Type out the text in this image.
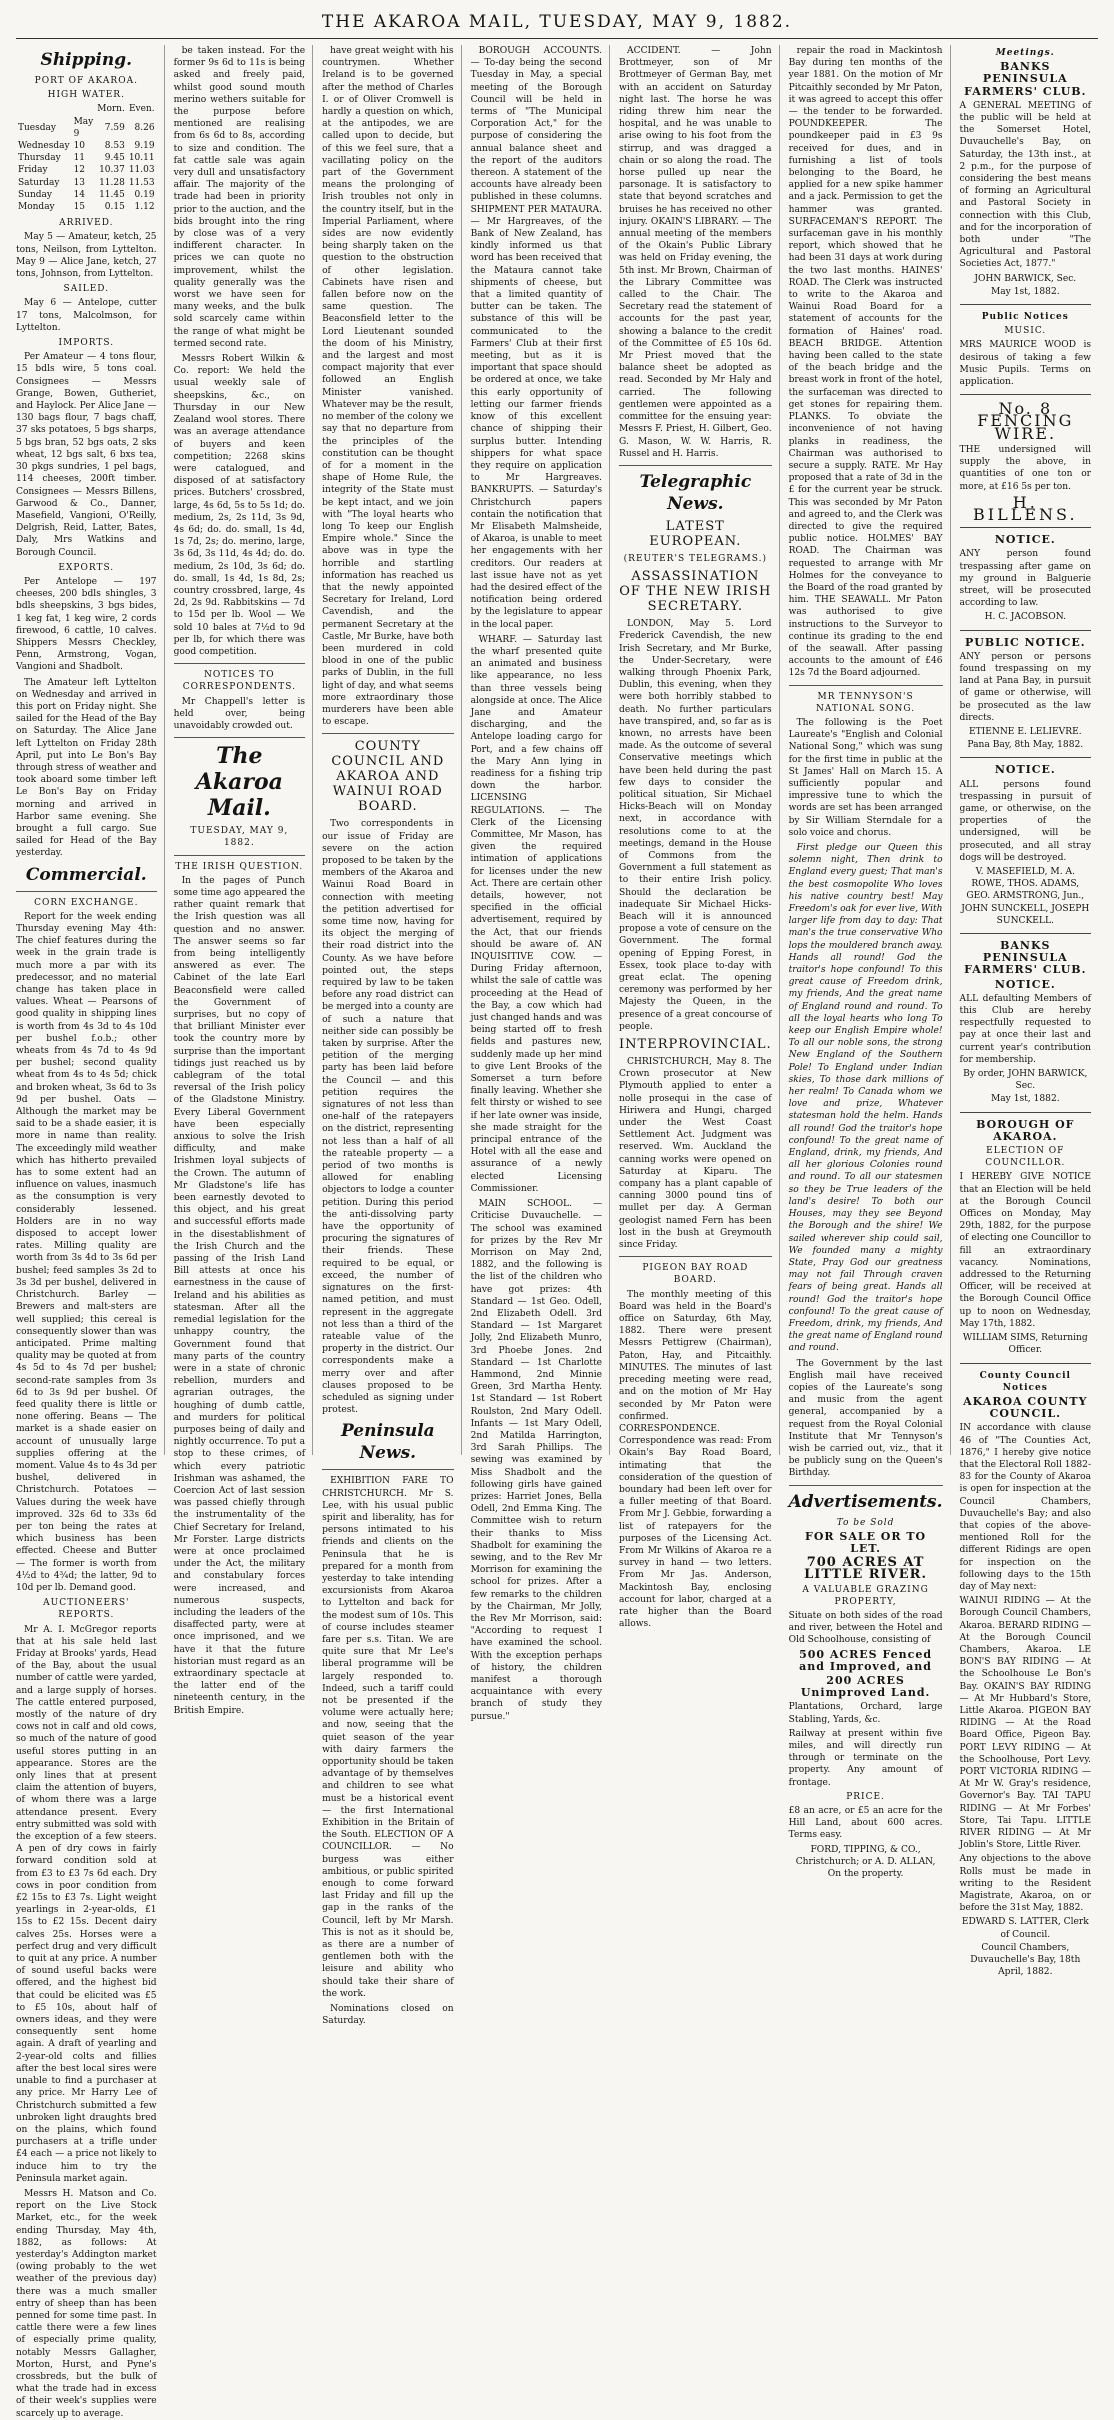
THE AKAROA MAIL, TUESDAY, MAY 9, 1882.
Shipping.
PORT OF AKAROA.
HIGH WATER.
		Morn.	Even.
Tuesday	May 9	7.59	8.26
Wednesday	10	8.53	9.19
Thursday	11	9.45	10.11
Friday	12	10.37	11.03
Saturday	13	11.28	11.53
Sunday	14	11.45	0.19
Monday	15	0.15	1.12
ARRIVED.

May 5 — Amateur, ketch, 25 tons, Neilson, from Lyttelton. May 9 — Alice Jane, ketch, 27 tons, Johnson, from Lyttelton.

SAILED.

May 6 — Antelope, cutter 17 tons, Malcolmson, for Lyttelton.

IMPORTS.

Per Amateur — 4 tons flour, 15 bdls wire, 5 tons coal. Consignees — Messrs Grange, Bowen, Gutheriet, and Haylock. Per Alice Jane — 130 bags flour, 7 bags chaff, 37 sks potatoes, 5 bgs sharps, 5 bgs bran, 52 bgs oats, 2 sks wheat, 12 bgs salt, 6 bxs tea, 30 pkgs sundries, 1 pel bags, 114 cheeses, 200ft timber. Consignees — Messrs Billens, Garwood & Co., Danner, Masefield, Vangioni, O'Reilly, Delgrish, Reid, Latter, Bates, Daly, Mrs Watkins and Borough Council.

EXPORTS.

Per Antelope — 197 cheeses, 200 bdls shingles, 3 bdls sheepskins, 3 bgs bides, 1 keg fat, 1 keg wire, 2 cords firewood, 6 cattle, 10 calves. Shippers Messrs Checkley, Penn, Armstrong, Vogan, Vangioni and Shadbolt.

The Amateur left Lyttelton on Wednesday and arrived in this port on Friday night. She sailed for the Head of the Bay on Saturday. The Alice Jane left Lyttelton on Friday 28th April, put into Le Bon's Bay through stress of weather and took aboard some timber left Le Bon's Bay on Friday morning and arrived in Harbor same evening. She brought a full cargo. Sue sailed for Head of the Bay yesterday.

Commercial.
CORN EXCHANGE.

Report for the week ending Thursday evening May 4th: The chief features during the week in the grain trade is much more a par with its predecessor, and no material change has taken place in values. Wheat — Pearsons of good quality in shipping lines is worth from 4s 3d to 4s 10d per bushel f.o.b.; other wheats from 4s 7d to 4s 9d per bushel; second quality wheat from 4s to 4s 5d; chick and broken wheat, 3s 6d to 3s 9d per bushel. Oats — Although the market may be said to be a shade easier, it is more in name than reality. The exceedingly mild weather which has hitherto prevailed has to some extent had an influence on values, inasmuch as the consumption is very considerably lessened. Holders are in no way disposed to accept lower rates. Milling quality are worth from 3s 4d to 3s 6d per bushel; feed samples 3s 2d to 3s 3d per bushel, delivered in Christchurch. Barley — Brewers and malt-sters are well supplied; this cereal is consequently slower than was anticipated. Prime malting quality may be quoted at from 4s 5d to 4s 7d per bushel; second-rate samples from 3s 6d to 3s 9d per bushel. Of feed quality there is little or none offering. Beans — The market is a shade easier on account of unusually large supplies offering at the moment. Value 4s to 4s 3d per bushel, delivered in Christchurch. Potatoes — Values during the week have improved. 32s 6d to 33s 6d per ton being the rates at which business has been effected. Cheese and Butter — The former is worth from 4½d to 4¾d; the latter, 9d to 10d per lb. Demand good.

AUCTIONEERS' REPORTS.

Mr A. I. McGregor reports that at his sale held last Friday at Brooks' yards, Head of the Bay, about the usual number of cattle were yarded, and a large supply of horses. The cattle entered purposed, mostly of the nature of dry cows not in calf and old cows, so much of the nature of good useful stores putting in an appearance. Stores are the only lines that at present claim the attention of buyers, of whom there was a large attendance present. Every entry submitted was sold with the exception of a few steers. A pen of dry cows in fairly forward condition sold at from £3 to £3 7s 6d each. Dry cows in poor condition from £2 15s to £3 7s. Light weight yearlings in 2-year-olds, £1 15s to £2 15s. Decent dairy calves 25s. Horses were a perfect drug and very difficult to quit at any price. A number of sound useful backs were offered, and the highest bid that could be elicited was £5 to £5 10s, about half of owners ideas, and they were consequently sent home again. A draft of yearling and 2-year-old colts and fillies after the best local sires were unable to find a purchaser at any price. Mr Harry Lee of Christchurch submitted a few unbroken light draughts bred on the plains, which found purchasers at a trifle under £4 each — a price not likely to induce him to try the Peninsula market again.

Messrs H. Matson and Co. report on the Live Stock Market, etc., for the week ending Thursday, May 4th, 1882, as follows: At yesterday's Addington market (owing probably to the wet weather of the previous day) there was a much smaller entry of sheep than has been penned for some time past. In cattle there were a few lines of especially prime quality, notably Messrs Gallagher, Morton, Hurst, and Pyne's crossbreds, but the bulk of what the trade had in excess of their week's supplies were scarcely up to average.

be taken instead. For the former 9s 6d to 11s is being asked and freely paid, whilst good sound mouth merino wethers suitable for the purpose before mentioned are realising from 6s 6d to 8s, according to size and condition. The fat cattle sale was again very dull and unsatisfactory affair. The majority of the trade had been in priority prior to the auction, and the bids brought into the ring by close was of a very indifferent character. In prices we can quote no improvement, whilst the quality generally was the worst we have seen for many weeks, and the bulk sold scarcely came within the range of what might be termed second rate.

Messrs Robert Wilkin & Co. report: We held the usual weekly sale of sheepskins, &c., on Thursday in our New Zealand wool stores. There was an average attendance of buyers and keen competition; 2268 skins were catalogued, and disposed of at satisfactory prices. Butchers' crossbred, large, 4s 6d, 5s to 5s 1d; do. medium, 2s, 2s 11d, 3s 9d, 4s 6d; do. do. small, 1s 4d, 1s 7d, 2s; do. merino, large, 3s 6d, 3s 11d, 4s 4d; do. do. medium, 2s 10d, 3s 6d; do. do. small, 1s 4d, 1s 8d, 2s; country crossbred, large, 4s 2d, 2s 9d. Rabbitskins — 7d to 15d per lb. Wool — We sold 10 bales at 7½d to 9d per lb, for which there was good competition.

NOTICES TO CORRESPONDENTS.

Mr Chappell's letter is held over, being unavoidably crowded out.

The Akaroa Mail.
TUESDAY, MAY 9, 1882.
THE IRISH QUESTION.

In the pages of Punch some time ago appeared the rather quaint remark that the Irish question was all question and no answer. The answer seems so far from being intelligently answered as ever. The Cabinet of the late Earl Beaconsfield were called the Government of surprises, but no copy of that brilliant Minister ever took the country more by surprise than the important tidings just reached us by cablegram of the total reversal of the Irish policy of the Gladstone Ministry. Every Liberal Government have been especially anxious to solve the Irish difficulty, and make Irishmen loyal subjects of the Crown. The autumn of Mr Gladstone's life has been earnestly devoted to this object, and his great and successful efforts made in the disestablishment of the Irish Church and the passing of the Irish Land Bill attests at once his earnestness in the cause of Ireland and his abilities as statesman. After all the remedial legislation for the unhappy country, the Government found that many parts of the country were in a state of chronic rebellion, murders and agrarian outrages, the houghing of dumb cattle, and murders for political purposes being of daily and nightly occurrence. To put a stop to these crimes, of which every patriotic Irishman was ashamed, the Coercion Act of last session was passed chiefly through the instrumentality of the Chief Secretary for Ireland, Mr Forster. Large districts were at once proclaimed under the Act, the military and constabulary forces were increased, and numerous suspects, including the leaders of the disaffected party, were at once imprisoned, and we have it that the future historian must regard as an extraordinary spectacle at the latter end of the nineteenth century, in the British Empire.

have great weight with his countrymen. Whether Ireland is to be governed after the method of Charles I. or of Oliver Cromwell is hardly a question on which, at the antipodes, we are called upon to decide, but of this we feel sure, that a vacillating policy on the part of the Government means the prolonging of Irish troubles not only in the country itself, but in the Imperial Parliament, where sides are now evidently being sharply taken on the question to the obstruction of other legislation. Cabinets have risen and fallen before now on the same question. The Beaconsfield letter to the Lord Lieutenant sounded the doom of his Ministry, and the largest and most compact majority that ever followed an English Minister vanished. Whatever may be the result, no member of the colony we say that no departure from the principles of the constitution can be thought of for a moment in the shape of Home Rule, the integrity of the State must be kept intact, and we join with "The loyal hearts who long To keep our English Empire whole." Since the above was in type the horrible and startling information has reached us that the newly appointed Secretary for Ireland, Lord Cavendish, and the permanent Secretary at the Castle, Mr Burke, have both been murdered in cold blood in one of the public parks of Dublin, in the full light of day, and what seems more extraordinary those murderers have been able to escape.

COUNTY COUNCIL AND AKAROA AND WAINUI ROAD BOARD.

Two correspondents in our issue of Friday are severe on the action proposed to be taken by the members of the Akaroa and Wainui Road Board in connection with meeting the petition advertised for some time now, having for its object the merging of their road district into the County. As we have before pointed out, the steps required by law to be taken before any road district can be merged into a county are of such a nature that neither side can possibly be taken by surprise. After the petition of the merging party has been laid before the Council — and this petition requires the signatures of not less than one-half of the ratepayers on the district, representing not less than a half of all the rateable property — a period of two months is allowed for enabling objectors to lodge a counter petition. During this period the anti-dissolving party have the opportunity of procuring the signatures of their friends. These required to be equal, or exceed, the number of signatures on the first-named petition, and must represent in the aggregate not less than a third of the rateable value of the property in the district. Our correspondents make a merry over and after clauses proposed to be scheduled as signing under protest.

Peninsula News.

EXHIBITION FARE TO CHRISTCHURCH. Mr S. Lee, with his usual public spirit and liberality, has for persons intimated to his friends and clients on the Peninsula that he is prepared for a month from yesterday to take intending excursionists from Akaroa to Lyttelton and back for the modest sum of 10s. This of course includes steamer fare per s.s. Titan. We are quite sure that Mr Lee's liberal programme will be largely responded to. Indeed, such a tariff could not be presented if the volume were actually here; and now, seeing that the quiet season of the year with dairy farmers the opportunity should be taken advantage of by themselves and children to see what must be a historical event — the first International Exhibition in the Britain of the South. ELECTION OF A COUNCILLOR. — No burgess was either ambitious, or public spirited enough to come forward last Friday and fill up the gap in the ranks of the Council, left by Mr Marsh. This is not as it should be, as there are a number of gentlemen both with the leisure and ability who should take their share of the work.

Nominations closed on Saturday.

BOROUGH ACCOUNTS. — To-day being the second Tuesday in May, a special meeting of the Borough Council will be held in terms of "The Municipal Corporation Act," for the purpose of considering the annual balance sheet and the report of the auditors thereon. A statement of the accounts have already been published in these columns. SHIPMENT PER MATAURA. — Mr Hargreaves, of the Bank of New Zealand, has kindly informed us that word has been received that the Mataura cannot take shipments of cheese, but that a limited quantity of butter can be taken. The substance of this will be communicated to the Farmers' Club at their first meeting, but as it is important that space should be ordered at once, we take this early opportunity of letting our farmer friends know of this excellent chance of shipping their surplus butter. Intending shippers for what space they require on application to Mr Hargreaves. BANKRUPTS. — Saturday's Christchurch papers contain the notification that Mr Elisabeth Malmsheide, of Akaroa, is unable to meet her engagements with her creditors. Our readers at last issue have not as yet had the desired effect of the notification being ordered by the legislature to appear in the local paper.

WHARF. — Saturday last the wharf presented quite an animated and business like appearance, no less than three vessels being alongside at once. The Alice Jane and Amateur discharging, and the Antelope loading cargo for Port, and a few chains off the Mary Ann lying in readiness for a fishing trip down the harbor. LICENSING REGULATIONS. — The Clerk of the Licensing Committee, Mr Mason, has given the required intimation of applications for licenses under the new Act. There are certain other details, however, not specified in the official advertisement, required by the Act, that our friends should be aware of. AN INQUISITIVE COW. — During Friday afternoon, whilst the sale of cattle was proceeding at the Head of the Bay, a cow which had just changed hands and was being started off to fresh fields and pastures new, suddenly made up her mind to give Lent Brooks of the Somerset a turn before finally leaving. Whether she felt thirsty or wished to see if her late owner was inside, she made straight for the principal entrance of the Hotel with all the ease and assurance of a newly elected Licensing Commissioner.

MAIN SCHOOL. — Criticise Duvauchelle. — The school was examined for prizes by the Rev Mr Morrison on May 2nd, 1882, and the following is the list of the children who have got prizes: 4th Standard — 1st Geo. Odell, 2nd Elizabeth Odell. 3rd Standard — 1st Margaret Jolly, 2nd Elizabeth Munro, 3rd Phoebe Jones. 2nd Standard — 1st Charlotte Hammond, 2nd Minnie Green, 3rd Martha Henty. 1st Standard — 1st Robert Roulston, 2nd Mary Odell. Infants — 1st Mary Odell, 2nd Matilda Harrington, 3rd Sarah Phillips. The sewing was examined by Miss Shadbolt and the following girls have gained prizes: Harriet Jones, Bella Odell, 2nd Emma King. The Committee wish to return their thanks to Miss Shadbolt for examining the sewing, and to the Rev Mr Morrison for examining the school for prizes. After a few remarks to the children by the Chairman, Mr Jolly, the Rev Mr Morrison, said: "According to request I have examined the school. With the exception perhaps of history, the children manifest a thorough acquaintance with every branch of study they pursue."

ACCIDENT. — John Brottmeyer, son of Mr Brottmeyer of German Bay, met with an accident on Saturday night last. The horse he was riding threw him near the hospital, and he was unable to arise owing to his foot from the stirrup, and was dragged a chain or so along the road. The horse pulled up near the parsonage. It is satisfactory to state that beyond scratches and bruises he has received no other injury. OKAIN'S LIBRARY. — The annual meeting of the members of the Okain's Public Library was held on Friday evening, the 5th inst. Mr Brown, Chairman of the Library Committee was called to the Chair. The Secretary read the statement of accounts for the past year, showing a balance to the credit of the Committee of £5 10s 6d. Mr Priest moved that the balance sheet be adopted as read. Seconded by Mr Haly and carried. The following gentlemen were appointed as a committee for the ensuing year: Messrs F. Priest, H. Gilbert, Geo. G. Mason, W. W. Harris, R. Russel and H. Harris.

Telegraphic News.
LATEST EUROPEAN.
(REUTER'S TELEGRAMS.)
ASSASSINATION OF THE NEW IRISH SECRETARY.

LONDON, May 5. Lord Frederick Cavendish, the new Irish Secretary, and Mr Burke, the Under-Secretary, were walking through Phoenix Park, Dublin, this evening, when they were both horribly stabbed to death. No further particulars have transpired, and, so far as is known, no arrests have been made. As the outcome of several Conservative meetings which have been held during the past few days to consider the political situation, Sir Michael Hicks-Beach will on Monday next, in accordance with resolutions come to at the meetings, demand in the House of Commons from the Government a full statement as to their entire Irish policy. Should the declaration be inadequate Sir Michael Hicks-Beach will it is announced propose a vote of censure on the Government. The formal opening of Epping Forest, in Essex, took place to-day with great eclat. The opening ceremony was performed by her Majesty the Queen, in the presence of a great concourse of people.

INTERPROVINCIAL.

CHRISTCHURCH, May 8. The Crown prosecutor at New Plymouth applied to enter a nolle prosequi in the case of Hiriwera and Hungi, charged under the West Coast Settlement Act. Judgment was reserved. Wm. Auckland the canning works were opened on Saturday at Kiparu. The company has a plant capable of canning 3000 pound tins of mullet per day. A German geologist named Fern has been lost in the bush at Greymouth since Friday.

PIGEON BAY ROAD BOARD.

The monthly meeting of this Board was held in the Board's office on Saturday, 6th May, 1882. There were present Messrs Pettigrew (Chairman), Paton, Hay, and Pitcaithly. MINUTES. The minutes of last preceding meeting were read, and on the motion of Mr Hay seconded by Mr Paton were confirmed. CORRESPONDENCE. Correspondence was read: From Okain's Bay Road Board, intimating that the consideration of the question of boundary had been left over for a fuller meeting of that Board. From Mr J. Gebbie, forwarding a list of ratepayers for the purposes of the Licensing Act. From Mr Wilkins of Akaroa re a survey in hand — two letters. From Mr Jas. Anderson, Mackintosh Bay, enclosing account for labor, charged at a rate higher than the Board allows.

repair the road in Mackintosh Bay during ten months of the year 1881. On the motion of Mr Pitcaithly seconded by Mr Paton, it was agreed to accept this offer — the tender to be forwarded. POUNDKEEPER. The poundkeeper paid in £3 9s received for dues, and in furnishing a list of tools belonging to the Board, he applied for a new spike hammer and a jack. Permission to get the hammer was granted. SURFACEMAN'S REPORT. The surfaceman gave in his monthly report, which showed that he had been 31 days at work during the two last months. HAINES' ROAD. The Clerk was instructed to write to the Akaroa and Wainui Road Board for a statement of accounts for the formation of Haines' road. BEACH BRIDGE. Attention having been called to the state of the beach bridge and the breast work in front of the hotel, the surfaceman was directed to get stones for repairing them. PLANKS. To obviate the inconvenience of not having planks in readiness, the Chairman was authorised to secure a supply. RATE. Mr Hay proposed that a rate of 3d in the £ for the current year be struck. This was seconded by Mr Paton and agreed to, and the Clerk was directed to give the required public notice. HOLMES' BAY ROAD. The Chairman was requested to arrange with Mr Holmes for the conveyance to the Board of the road granted by him. THE SEAWALL. Mr Paton was authorised to give instructions to the Surveyor to continue its grading to the end of the seawall. After passing accounts to the amount of £46 12s 7d the Board adjourned.

MR TENNYSON'S NATIONAL SONG.

The following is the Poet Laureate's "English and Colonial National Song," which was sung for the first time in public at the St James' Hall on March 15. A sufficiently popular and impressive tune to which the words are set has been arranged by Sir William Sterndale for a solo voice and chorus.

First pledge our Queen this solemn night, Then drink to England every guest; That man's the best cosmopolite Who loves his native country best! May Freedom's oak for ever live, With larger life from day to day: That man's the true conservative Who lops the mouldered branch away. Hands all round! God the traitor's hope confound! To this great cause of Freedom drink, my friends, And the great name of England round and round. To all the loyal hearts who long To keep our English Empire whole! To all our noble sons, the strong New England of the Southern Pole! To England under Indian skies, To those dark millions of her realm! To Canada whom we love and prize, Whatever statesman hold the helm. Hands all round! God the traitor's hope confound! To the great name of England, drink, my friends, And all her glorious Colonies round and round. To all our statesmen so they be True leaders of the land's desire! To both our Houses, may they see Beyond the Borough and the shire! We sailed wherever ship could sail, We founded many a mighty State, Pray God our greatness may not fail Through craven fears of being great. Hands all round! God the traitor's hope confound! To the great cause of Freedom, drink, my friends, And the great name of England round and round.

The Government by the last English mail have received copies of the Laureate's song and music from the agent general, accompanied by a request from the Royal Colonial Institute that Mr Tennyson's wish be carried out, viz., that it be publicly sung on the Queen's Birthday.

Advertisements.
To be Sold
FOR SALE OR TO LET.
700 ACRES AT LITTLE RIVER.
A VALUABLE GRAZING PROPERTY,

Situate on both sides of the road and river, between the Hotel and Old Schoolhouse, consisting of

500 ACRES Fenced and Improved, and
200 ACRES Unimproved Land.

Plantations, Orchard, large Stabling, Yards, &c.

Railway at present within five miles, and will directly run through or terminate on the property. Any amount of frontage.

PRICE.

£8 an acre, or £5 an acre for the Hill Land, about 600 acres. Terms easy.

FORD, TIPPING, & CO., Christchurch; or A. D. ALLAN, On the property.
Meetings.
BANKS PENINSULA FARMERS' CLUB.

A GENERAL MEETING of the public will be held at the Somerset Hotel, Duvauchelle's Bay, on Saturday, the 13th inst., at 2 p.m., for the purpose of considering the best means of forming an Agricultural and Pastoral Society in connection with this Club, and for the incorporation of both under "The Agricultural and Pastoral Societies Act, 1877."

JOHN BARWICK, Sec.
May 1st, 1882.
Public Notices
MUSIC.

MRS MAURICE WOOD is desirous of taking a few Music Pupils. Terms on application.

No. 8 FENCING WIRE.

THE undersigned will supply the above, in quantities of one ton or more, at £16 5s per ton.

H. BILLENS.
NOTICE.

ANY person found trespassing after game on my ground in Balguerie street, will be prosecuted according to law.

H. C. JACOBSON.
PUBLIC NOTICE.

ANY person or persons found trespassing on my land at Pana Bay, in pursuit of game or otherwise, will be prosecuted as the law directs.

ETIENNE E. LELIEVRE.
Pana Bay, 8th May, 1882.
NOTICE.

ALL persons found trespassing in pursuit of game, or otherwise, on the properties of the undersigned, will be prosecuted, and all stray dogs will be destroyed.

V. MASEFIELD, M. A. ROWE, THOS. ADAMS, GEO. ARMSTRONG, Jun., JOHN SUNCKELL, JOSEPH SUNCKELL.
BANKS PENINSULA FARMERS' CLUB.
NOTICE.

ALL defaulting Members of this Club are hereby respectfully requested to pay at once their last and current year's contribution for membership.

By order, JOHN BARWICK, Sec.
May 1st, 1882.
BOROUGH OF AKAROA.
ELECTION OF COUNCILLOR.

I HEREBY GIVE NOTICE that an Election will be held at the Borough Council Offices on Monday, May 29th, 1882, for the purpose of electing one Councillor to fill an extraordinary vacancy. Nominations, addressed to the Returning Officer, will be received at the Borough Council Office up to noon on Wednesday, May 17th, 1882.

WILLIAM SIMS, Returning Officer.
County Council Notices
AKAROA COUNTY COUNCIL.

IN accordance with clause 46 of "The Counties Act, 1876," I hereby give notice that the Electoral Roll 1882-83 for the County of Akaroa is open for inspection at the Council Chambers, Duvauchelle's Bay; and also that copies of the above-mentioned Roll for the different Ridings are open for inspection on the following days to the 15th day of May next:

WAINUI RIDING — At the Borough Council Chambers, Akaroa. BERARD RIDING — At the Borough Council Chambers, Akaroa. LE BON'S BAY RIDING — At the Schoolhouse Le Bon's Bay. OKAIN'S BAY RIDING — At Mr Hubbard's Store, Little Akaroa. PIGEON BAY RIDING — At the Road Board Office, Pigeon Bay. PORT LEVY RIDING — At the Schoolhouse, Port Levy. PORT VICTORIA RIDING — At Mr W. Gray's residence, Governor's Bay. TAI TAPU RIDING — At Mr Forbes' Store, Tai Tapu. LITTLE RIVER RIDING — At Mr Joblin's Store, Little River.

Any objections to the above Rolls must be made in writing to the Resident Magistrate, Akaroa, on or before the 31st May, 1882.

EDWARD S. LATTER, Clerk of Council.
Council Chambers, Duvauchelle's Bay, 18th April, 1882.
